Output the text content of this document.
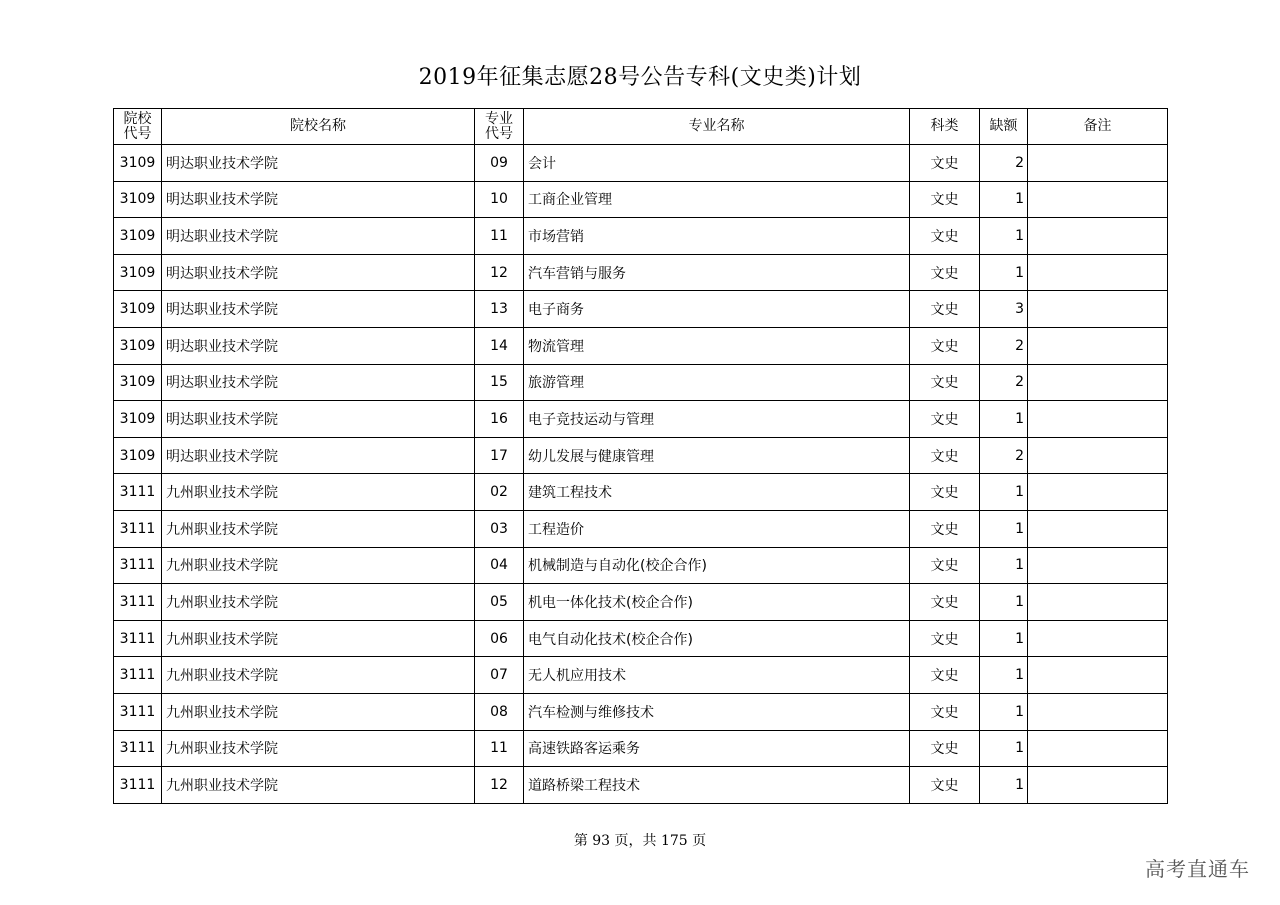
2019年征集志愿28号公告专科(文史类)计划
院校代号	院校名称	专业代号	专业名称	科类	缺额	备注
3109	明达职业技术学院	09	会计	文史	2	
3109	明达职业技术学院	10	工商企业管理	文史	1	
3109	明达职业技术学院	11	市场营销	文史	1	
3109	明达职业技术学院	12	汽车营销与服务	文史	1	
3109	明达职业技术学院	13	电子商务	文史	3	
3109	明达职业技术学院	14	物流管理	文史	2	
3109	明达职业技术学院	15	旅游管理	文史	2	
3109	明达职业技术学院	16	电子竞技运动与管理	文史	1	
3109	明达职业技术学院	17	幼儿发展与健康管理	文史	2	
3111	九州职业技术学院	02	建筑工程技术	文史	1	
3111	九州职业技术学院	03	工程造价	文史	1	
3111	九州职业技术学院	04	机械制造与自动化(校企合作)	文史	1	
3111	九州职业技术学院	05	机电一体化技术(校企合作)	文史	1	
3111	九州职业技术学院	06	电气自动化技术(校企合作)	文史	1	
3111	九州职业技术学院	07	无人机应用技术	文史	1	
3111	九州职业技术学院	08	汽车检测与维修技术	文史	1	
3111	九州职业技术学院	11	高速铁路客运乘务	文史	1	
3111	九州职业技术学院	12	道路桥梁工程技术	文史	1	
第 93 页，共 175 页
高考直通车
